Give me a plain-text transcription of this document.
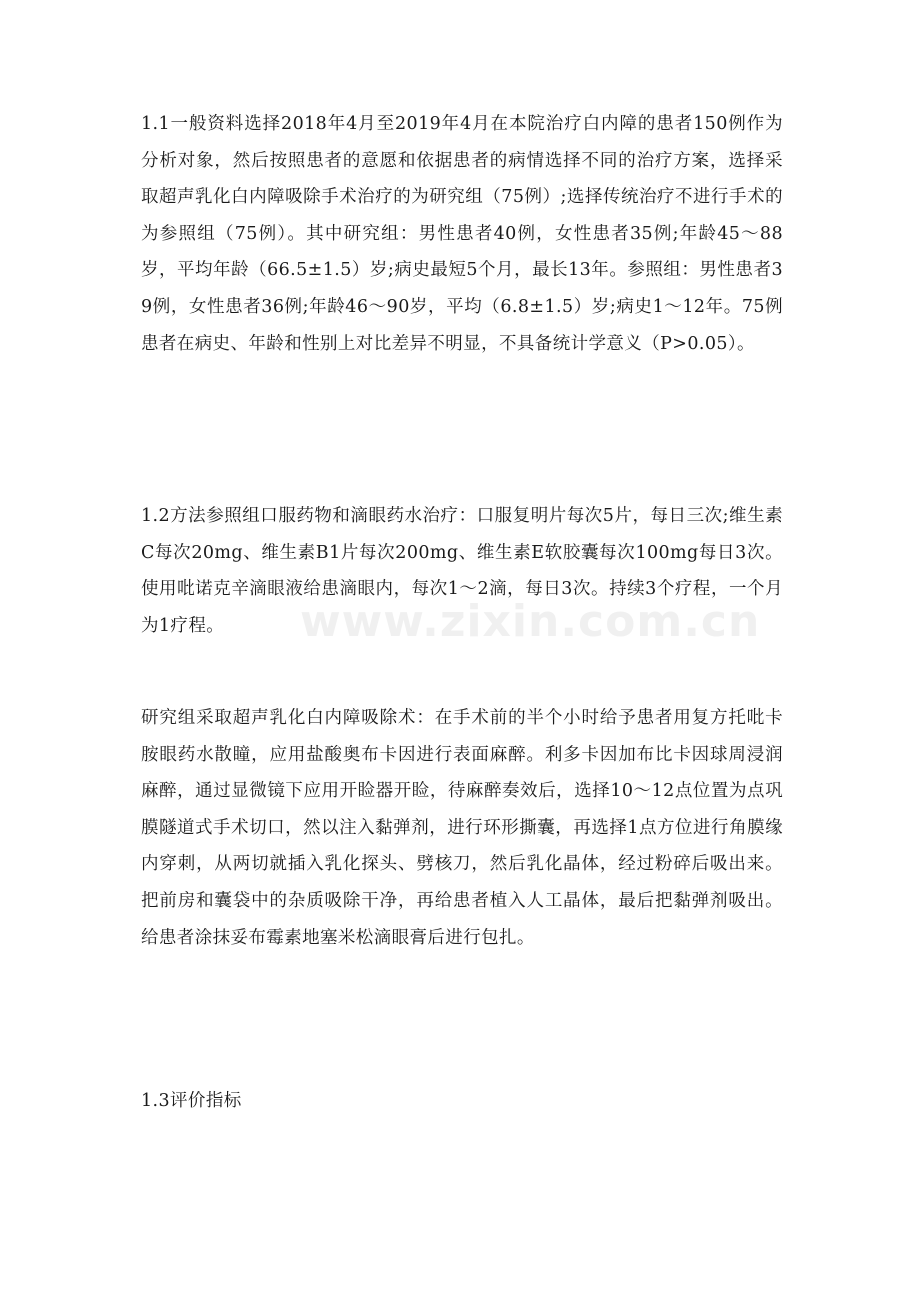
1.1一般资料选择2018年4月至2019年4月在本院治疗白内障的患者150例作为分析对象，然后按照患者的意愿和依据患者的病情选择不同的治疗方案，选择采取超声乳化白内障吸除手术治疗的为研究组（75例）;选择传统治疗不进行手术的为参照组（75例）。其中研究组：男性患者40例，女性患者35例;年龄45～88岁，平均年龄（66.5±1.5）岁;病史最短5个月，最长13年。参照组：男性患者39例，女性患者36例;年龄46～90岁，平均（6.8±1.5）岁;病史1～12年。75例患者在病史、年龄和性别上对比差异不明显，不具备统计学意义（P>0.05）。

1.2方法参照组口服药物和滴眼药水治疗：口服复明片每次5片，每日三次;维生素C每次20mg、维生素B1片每次200mg、维生素E软胶囊每次100mg每日3次。使用吡诺克辛滴眼液给患滴眼内，每次1～2滴，每日3次。持续3个疗程，一个月为1疗程。

研究组采取超声乳化白内障吸除术：在手术前的半个小时给予患者用复方托吡卡胺眼药水散瞳，应用盐酸奥布卡因进行表面麻醉。利多卡因加布比卡因球周浸润麻醉，通过显微镜下应用开睑器开睑，待麻醉奏效后，选择10～12点位置为点巩膜隧道式手术切口，然以注入黏弹剂，进行环形撕囊，再选择1点方位进行角膜缘内穿刺，从两切就插入乳化探头、劈核刀，然后乳化晶体，经过粉碎后吸出来。把前房和囊袋中的杂质吸除干净，再给患者植入人工晶体，最后把黏弹剂吸出。给患者涂抹妥布霉素地塞米松滴眼膏后进行包扎。

1.3评价指标

www.zixin.com.cn
